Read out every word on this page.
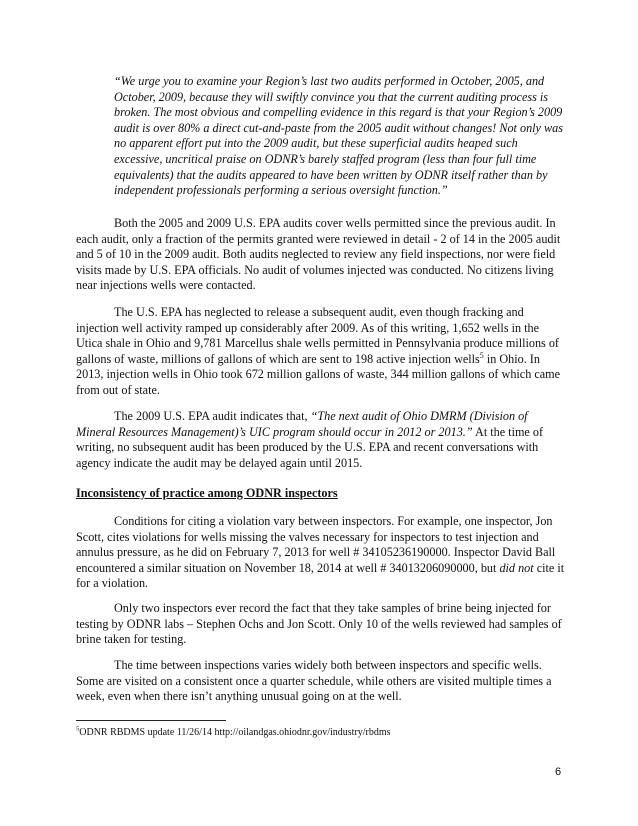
“We urge you to examine your Region’s last two audits performed in October, 2005, and October, 2009, because they will swiftly convince you that the current auditing process is broken. The most obvious and compelling evidence in this regard is that your Region’s 2009 audit is over 80% a direct cut-and-paste from the 2005 audit without changes! Not only was no apparent effort put into the 2009 audit, but these superficial audits heaped such excessive, uncritical praise on ODNR’s barely staffed program (less than four full time equivalents) that the audits appeared to have been written by ODNR itself rather than by independent professionals performing a serious oversight function.”

Both the 2005 and 2009 U.S. EPA audits cover wells permitted since the previous audit. In each audit, only a fraction of the permits granted were reviewed in detail - 2 of 14 in the 2005 audit and 5 of 10 in the 2009 audit. Both audits neglected to review any field inspections, nor were field visits made by U.S. EPA officials. No audit of volumes injected was conducted. No citizens living near injections wells were contacted.

The U.S. EPA has neglected to release a subsequent audit, even though fracking and injection well activity ramped up considerably after 2009. As of this writing, 1,652 wells in the Utica shale in Ohio and 9,781 Marcellus shale wells permitted in Pennsylvania produce millions of gallons of waste, millions of gallons of which are sent to 198 active injection wells$^5$ in Ohio. In 2013, injection wells in Ohio took 672 million gallons of waste, 344 million gallons of which came from out of state.

The 2009 U.S. EPA audit indicates that, “The next audit of Ohio DMRM (Division of Mineral Resources Management)’s UIC program should occur in 2012 or 2013.” At the time of writing, no subsequent audit has been produced by the U.S. EPA and recent conversations with agency indicate the audit may be delayed again until 2015.

Inconsistency of practice among ODNR inspectors

Conditions for citing a violation vary between inspectors. For example, one inspector, Jon Scott, cites violations for wells missing the valves necessary for inspectors to test injection and annulus pressure, as he did on February 7, 2013 for well # 34105236190000. Inspector David Ball encountered a similar situation on November 18, 2014 at well # 34013206090000, but did not cite it for a violation.

Only two inspectors ever record the fact that they take samples of brine being injected for testing by ODNR labs – Stephen Ochs and Jon Scott. Only 10 of the wells reviewed had samples of brine taken for testing.

The time between inspections varies widely both between inspectors and specific wells. Some are visited on a consistent once a quarter schedule, while others are visited multiple times a week, even when there isn’t anything unusual going on at the well.

$^5$ODNR RBDMS update 11/26/14 http://oilandgas.ohiodnr.gov/industry/rbdms
6
